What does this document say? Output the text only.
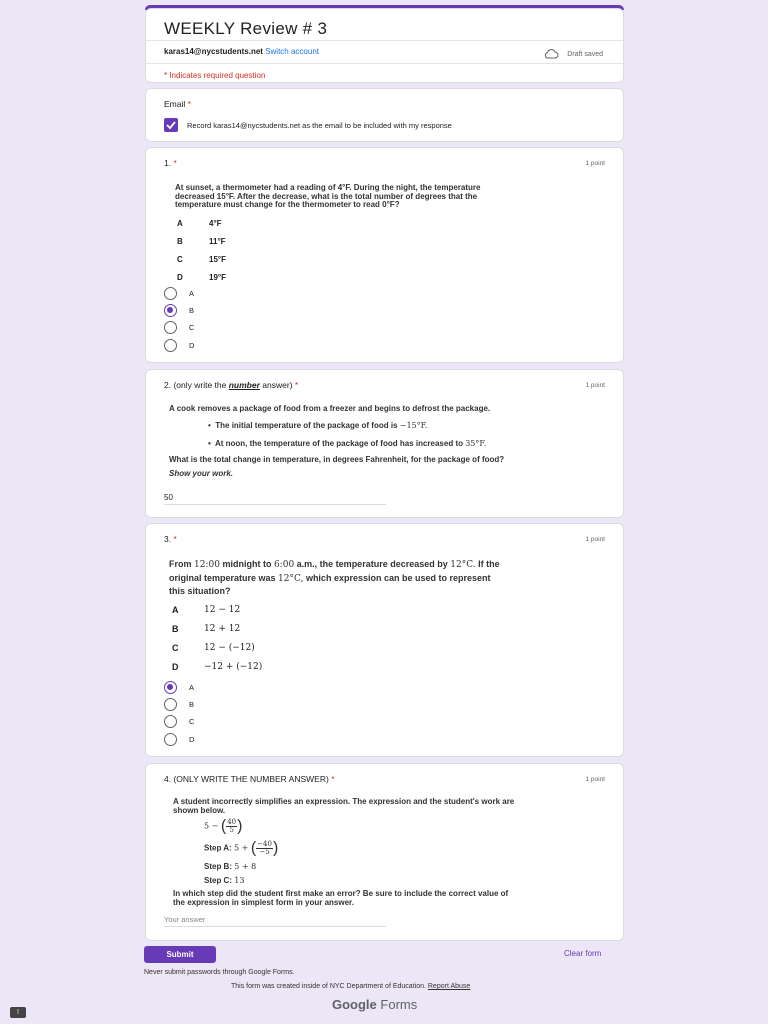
WEEKLY Review # 3
karas14@nycstudents.net Switch account	Draft saved
* Indicates required question
Email *
Record karas14@nycstudents.net as the email to be included with my response
1. *	1 point
At sunset, a thermometer had a reading of 4°F. During the night, the temperature
decreased 15°F. After the decrease, what is the total number of degrees that the
temperature must change for the thermometer to read 0°F?
A	4°F
B	11°F
C	15°F
D	19°F
A
B
C
D
2. (only write the number answer) *	1 point
A cook removes a package of food from a freezer and begins to defrost the package.
•  The initial temperature of the package of food is −15°F.
•  At noon, the temperature of the package of food has increased to 35°F.
What is the total change in temperature, in degrees Fahrenheit, for the package of food?
Show your work.
50
3. *	1 point
From 12:00 midnight to 6:00 a.m., the temperature decreased by 12°C. If the
original temperature was 12°C, which expression can be used to represent
this situation?
A	12 − 12
B	12 + 12
C	12 − (−12)
D	−12 + (−12)
A
B
C
D
4. (ONLY WRITE THE NUMBER ANSWER) *	1 point
A student incorrectly simplifies an expression. The expression and the student's work are
shown below.
5 − ( $\frac{40}{5}$ )
Step A: 5 + ( $\frac{-40}{-5}$ )
Step B: 5 + 8
Step C: 13
In which step did the student first make an error? Be sure to include the correct value of
the expression in simplest form in your answer.
Your answer
Submit	Clear form
Never submit passwords through Google Forms.
This form was created inside of NYC Department of Education. Report Abuse
Google Forms
!
